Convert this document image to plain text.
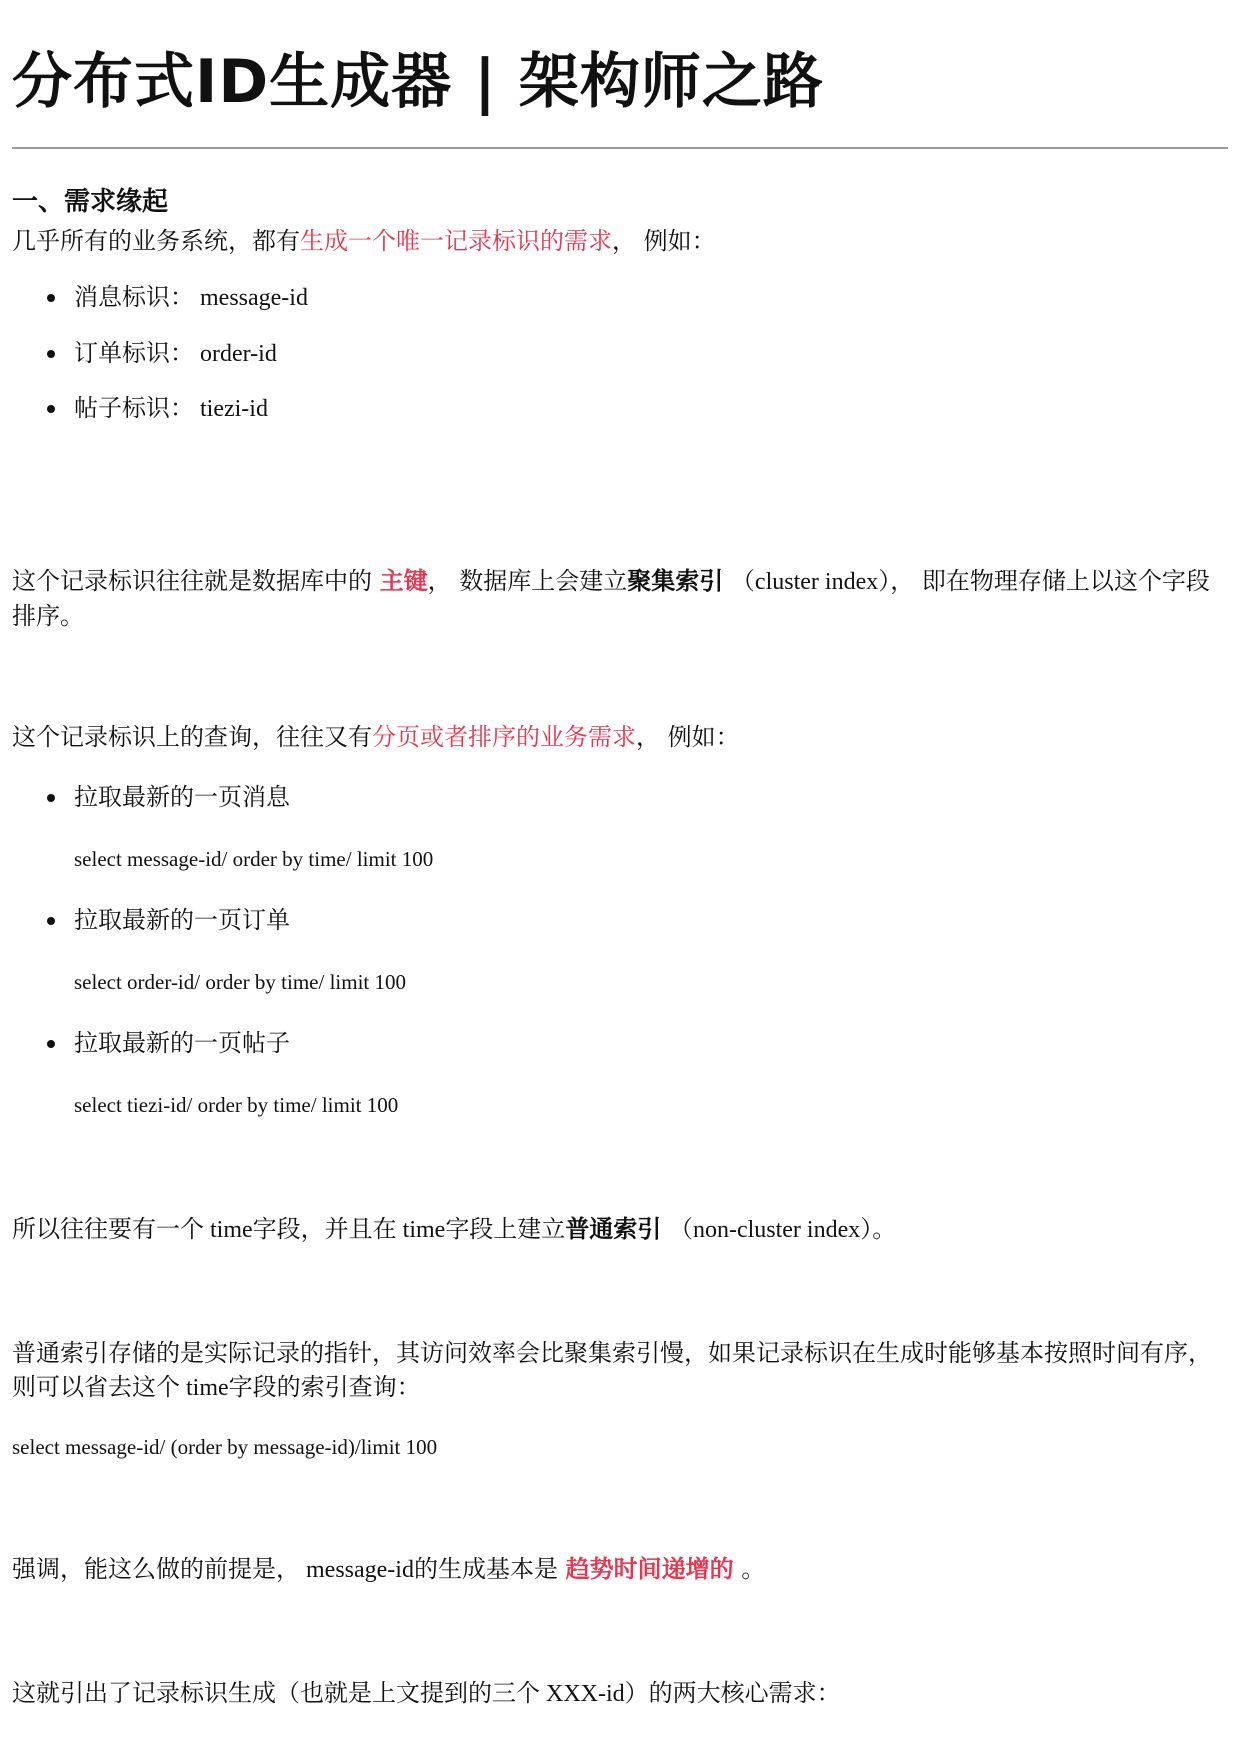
分布式ID生成器 | 架构师之路
一、需求缘起

几乎所有的业务系统，都有生成一个唯一记录标识的需求， 例如：

消息标识： message-id
订单标识： order-id
帖子标识： tiezi-id

这个记录标识往往就是数据库中的 主键， 数据库上会建立聚集索引 （cluster index）， 即在物理存储上以这个字段排序。

这个记录标识上的查询，往往又有分页或者排序的业务需求， 例如：

拉取最新的一页消息
select message-id/ order by time/ limit 100
拉取最新的一页订单
select order-id/ order by time/ limit 100
拉取最新的一页帖子
select tiezi-id/ order by time/ limit 100

所以往往要有一个 time字段，并且在 time字段上建立普通索引 （non-cluster index）。

普通索引存储的是实际记录的指针，其访问效率会比聚集索引慢，如果记录标识在生成时能够基本按照时间有序，则可以省去这个 time字段的索引查询：

select message-id/ (order by message-id)/limit 100

强调，能这么做的前提是， message-id的生成基本是 趋势时间递增的 。

这就引出了记录标识生成（也就是上文提到的三个 XXX-id）的两大核心需求：
